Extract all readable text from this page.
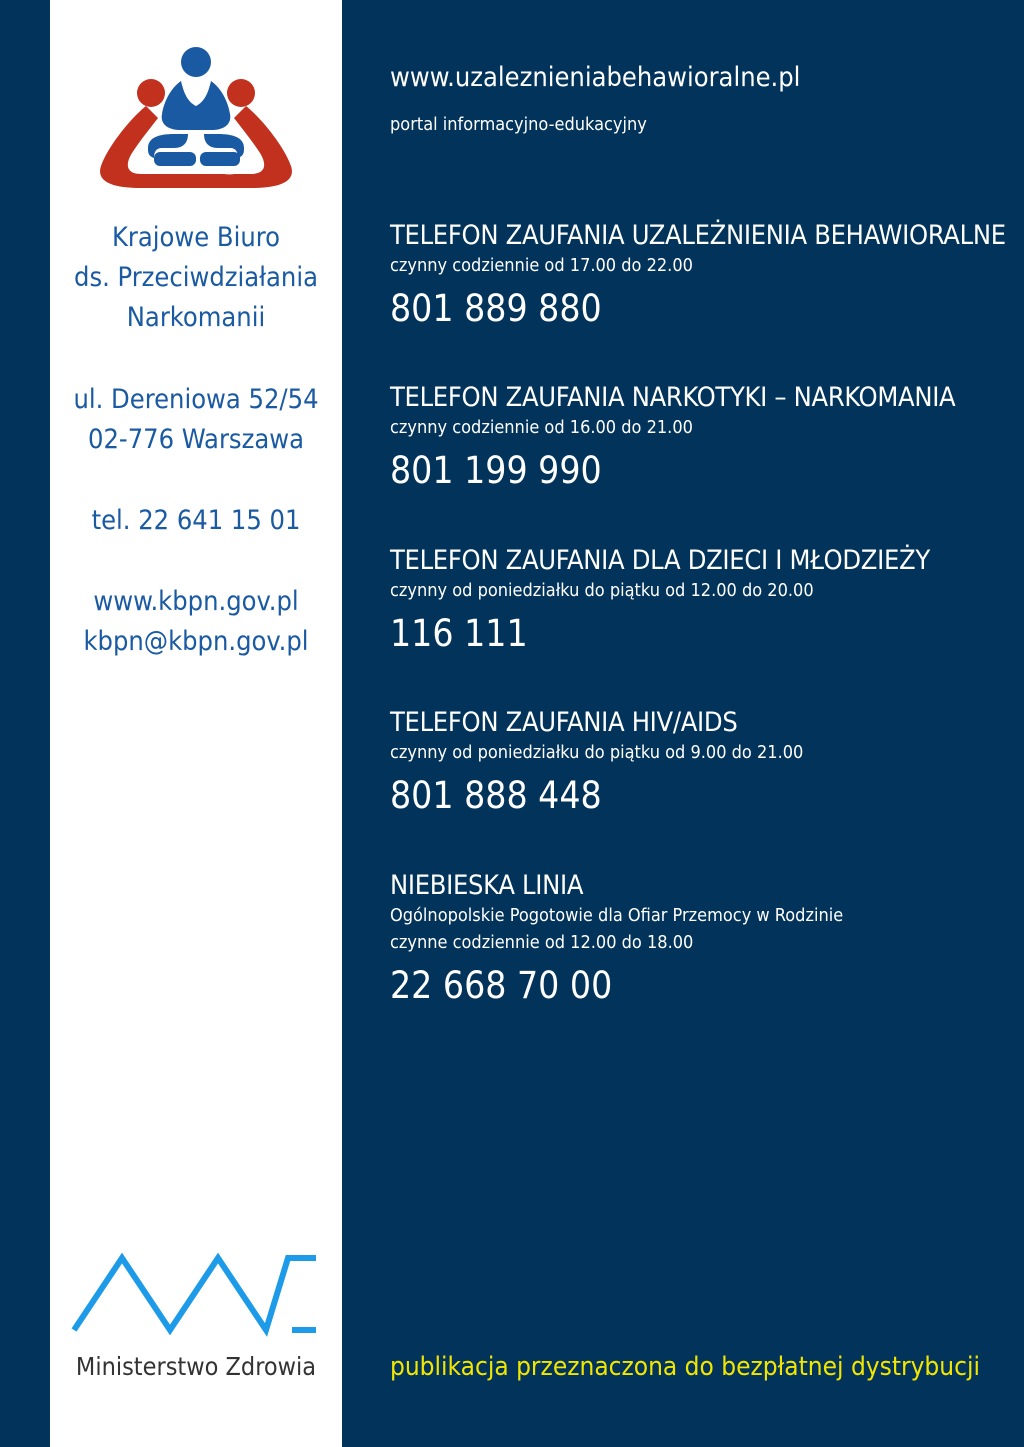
Krajowe Biuro
ds. Przeciwdziałania
Narkomanii
ul. Dereniowa 52/54
02-776 Warszawa
tel. 22 641 15 01
www.kbpn.gov.pl
kbpn@kbpn.gov.pl
Ministerstwo Zdrowia
www.uzaleznieniabehawioralne.pl
portal informacyjno-edukacyjny
TELEFON ZAUFANIA UZALEŻNIENIA BEHAWIORALNE
czynny codziennie od 17.00 do 22.00
801 889 880
TELEFON ZAUFANIA NARKOTYKI – NARKOMANIA
czynny codziennie od 16.00 do 21.00
801 199 990
TELEFON ZAUFANIA DLA DZIECI I MŁODZIEŻY
czynny od poniedziałku do piątku od 12.00 do 20.00
116 111
TELEFON ZAUFANIA HIV/AIDS
czynny od poniedziałku do piątku od 9.00 do 21.00
801 888 448
NIEBIESKA LINIA
Ogólnopolskie Pogotowie dla Ofiar Przemocy w Rodzinie
czynne codziennie od 12.00 do 18.00
22 668 70 00
publikacja przeznaczona do bezpłatnej dystrybucji
